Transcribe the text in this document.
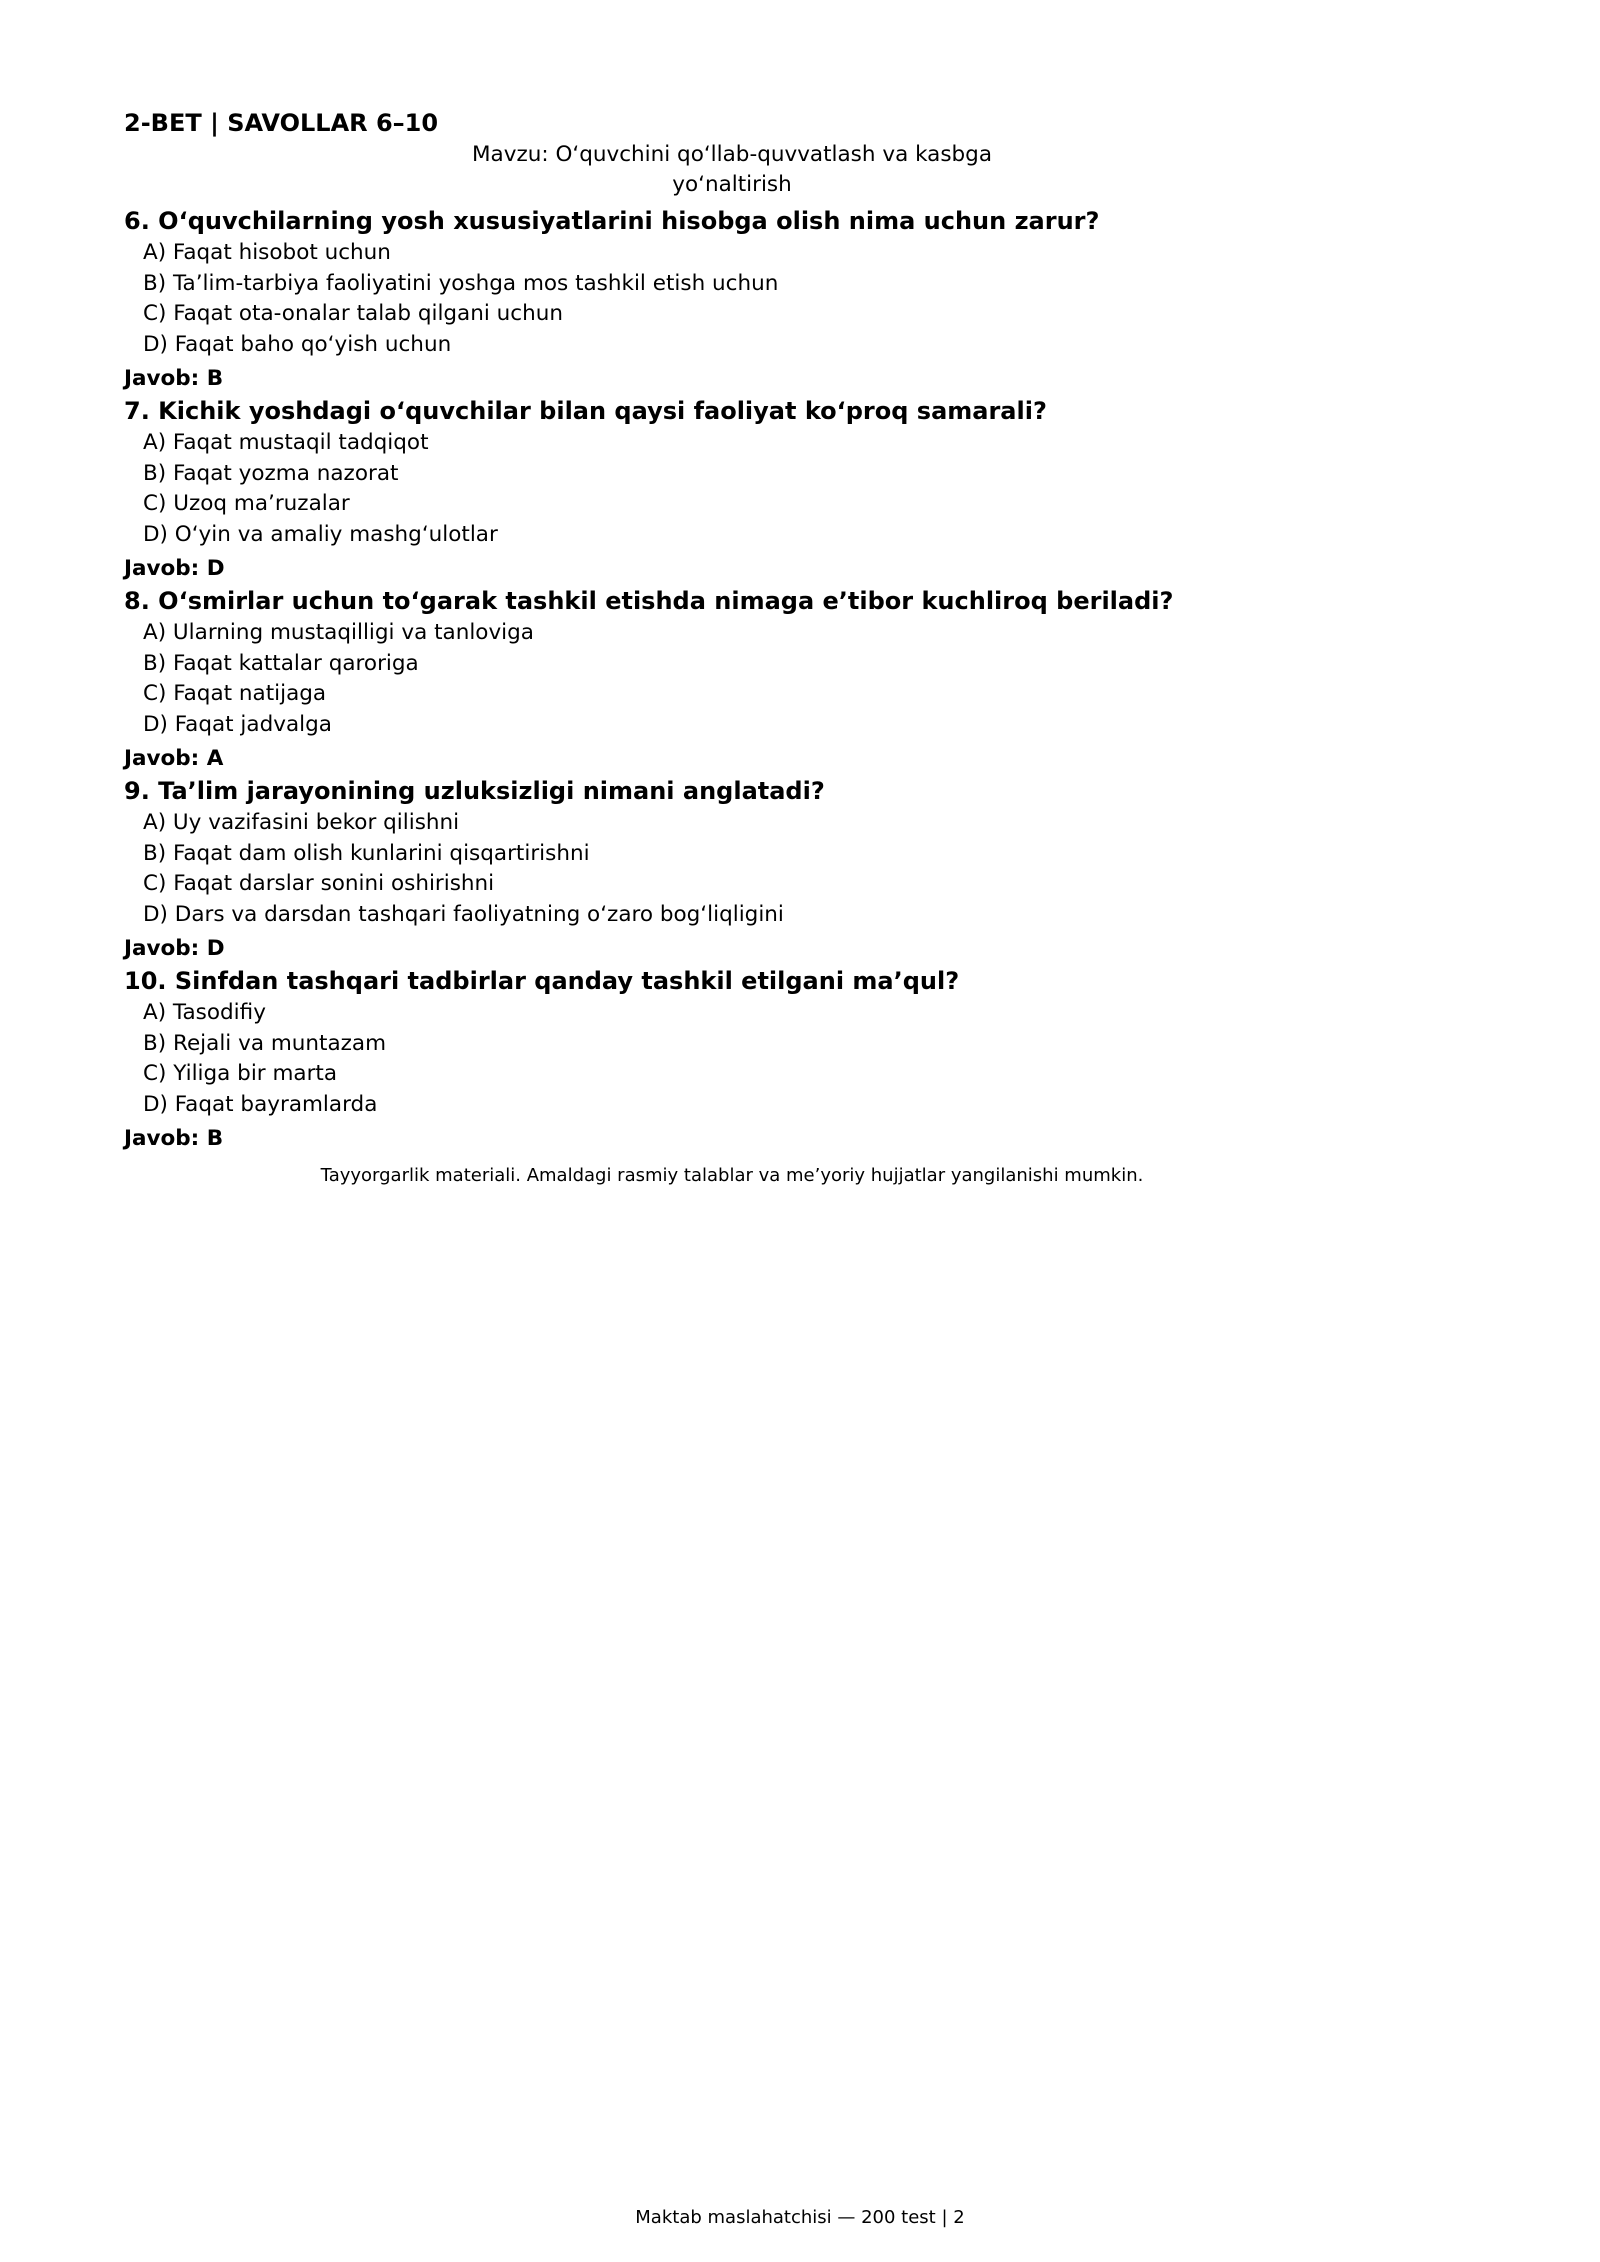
2-BET | SAVOLLAR 6–10
Mavzu: O‘quvchini qo‘llab-quvvatlash va kasbga yo‘naltirish
6. O‘quvchilarning yosh xususiyatlarini hisobga olish nima uchun zarur?
A) Faqat hisobot uchun
B) Ta’lim-tarbiya faoliyatini yoshga mos tashkil etish uchun
C) Faqat ota-onalar talab qilgani uchun
D) Faqat baho qo‘yish uchun
Javob: B
7. Kichik yoshdagi o‘quvchilar bilan qaysi faoliyat ko‘proq samarali?
A) Faqat mustaqil tadqiqot
B) Faqat yozma nazorat
C) Uzoq ma’ruzalar
D) O‘yin va amaliy mashg‘ulotlar
Javob: D
8. O‘smirlar uchun to‘garak tashkil etishda nimaga e’tibor kuchliroq beriladi?
A) Ularning mustaqilligi va tanloviga
B) Faqat kattalar qaroriga
C) Faqat natijaga
D) Faqat jadvalga
Javob: A
9. Ta’lim jarayonining uzluksizligi nimani anglatadi?
A) Uy vazifasini bekor qilishni
B) Faqat dam olish kunlarini qisqartirishni
C) Faqat darslar sonini oshirishni
D) Dars va darsdan tashqari faoliyatning o‘zaro bog‘liqligini
Javob: D
10. Sinfdan tashqari tadbirlar qanday tashkil etilgani ma’qul?
A) Tasodifiy
B) Rejali va muntazam
C) Yiliga bir marta
D) Faqat bayramlarda
Javob: B
Tayyorgarlik materiali. Amaldagi rasmiy talablar va me’yoriy hujjatlar yangilanishi mumkin.
Maktab maslahatchisi — 200 test | 2
